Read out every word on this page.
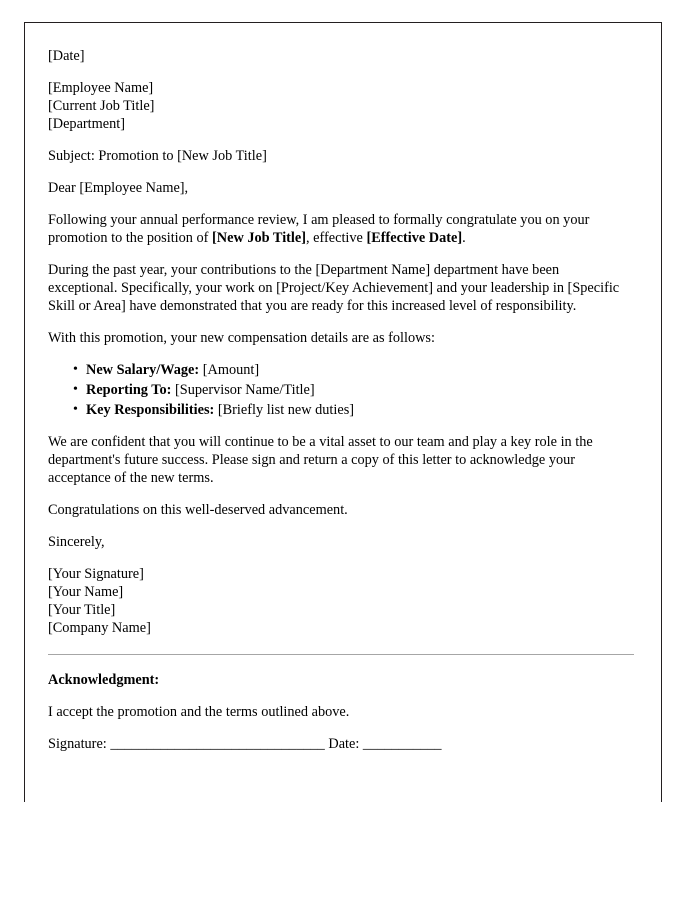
[Date]
[Employee Name]
[Current Job Title]
[Department]

Subject: Promotion to [New Job Title]

Dear [Employee Name],

Following your annual performance review, I am pleased to formally congratulate you on your promotion to the position of [New Job Title], effective [Effective Date].

During the past year, your contributions to the [Department Name] department have been exceptional. Specifically, your work on [Project/Key Achievement] and your leadership in [Specific Skill or Area] have demonstrated that you are ready for this increased level of responsibility.

With this promotion, your new compensation details are as follows:

• New Salary/Wage: [Amount]
• Reporting To: [Supervisor Name/Title]
• Key Responsibilities: [Briefly list new duties]

We are confident that you will continue to be a vital asset to our team and play a key role in the department's future success. Please sign and return a copy of this letter to acknowledge your acceptance of the new terms.

Congratulations on this well-deserved advancement.

Sincerely,

[Your Signature]
[Your Name]
[Your Title]
[Company Name]

Acknowledgment:

I accept the promotion and the terms outlined above.

Signature: ______________________________ Date: ___________
